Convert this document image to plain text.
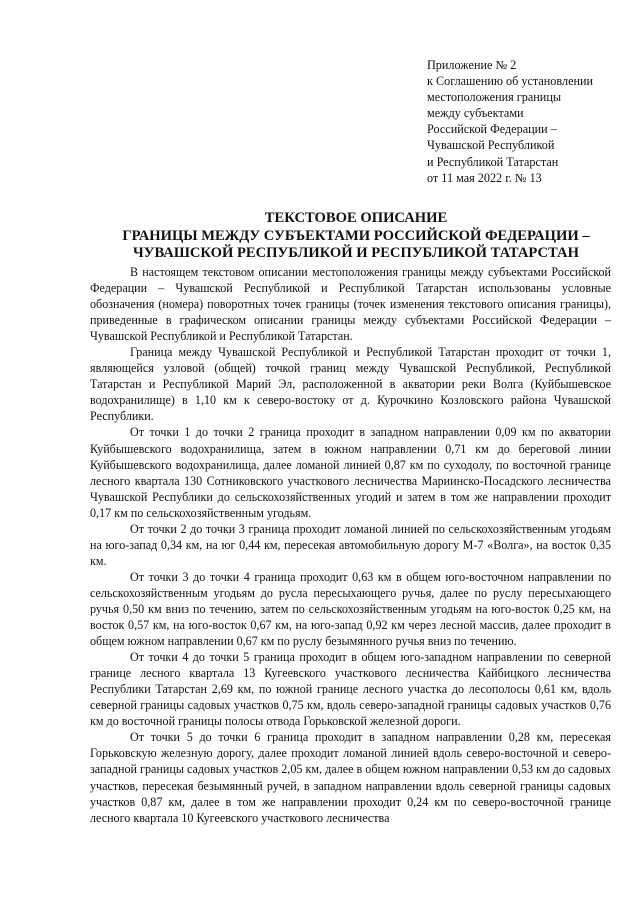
Приложение № 2
к Соглашению об установлении
местоположения границы
между субъектами
Российской Федерации –
Чувашской Республикой
и Республикой Татарстан
от 11 мая 2022 г. № 13
ТЕКСТОВОЕ ОПИСАНИЕ
ГРАНИЦЫ МЕЖДУ СУБЪЕКТАМИ РОССИЙСКОЙ ФЕДЕРАЦИИ –
ЧУВАШСКОЙ РЕСПУБЛИКОЙ И РЕСПУБЛИКОЙ ТАТАРСТАН

В настоящем текстовом описании местоположения границы между субъектами Российской Федерации – Чувашской Республикой и Республикой Татарстан использованы условные обозначения (номера) поворотных точек границы (точек изменения текстового описания границы), приведенные в графическом описании границы между субъектами Российской Федерации – Чувашской Республикой и Республикой Татарстан.

Граница между Чувашской Республикой и Республикой Татарстан проходит от точки 1, являющейся узловой (общей) точкой границ между Чувашской Республикой, Республикой Татарстан и Республикой Марий Эл, расположенной в акватории реки Волга (Куйбышевское водохранилище) в 1,10 км к северо-востоку от д. Курочкино Козловского района Чувашской Республики.

От точки 1 до точки 2 граница проходит в западном направлении 0,09 км по акватории Куйбышевского водохранилища, затем в южном направлении 0,71 км до береговой линии Куйбышевского водохранилища, далее ломаной линией 0,87 км по суходолу, по восточной границе лесного квартала 130 Сотниковского участкового лесничества Мариинско-Посадского лесничества Чувашской Республики до сельскохозяйственных угодий и затем в том же направлении проходит 0,17 км по сельскохозяйственным угодьям.

От точки 2 до точки 3 граница проходит ломаной линией по сельскохозяйственным угодьям на юго-запад 0,34 км, на юг 0,44 км, пересекая автомобильную дорогу М-7 «Волга», на восток 0,35 км.

От точки 3 до точки 4 граница проходит 0,63 км в общем юго-восточном направлении по сельскохозяйственным угодьям до русла пересыхающего ручья, далее по руслу пересыхающего ручья 0,50 км вниз по течению, затем по сельскохозяйственным угодьям на юго-восток 0,25 км, на восток 0,57 км, на юго-восток 0,67 км, на юго-запад 0,92 км через лесной массив, далее проходит в общем южном направлении 0,67 км по руслу безымянного ручья вниз по течению.

От точки 4 до точки 5 граница проходит в общем юго-западном направлении по северной границе лесного квартала 13 Кугеевского участкового лесничества Кайбицкого лесничества Республики Татарстан 2,69 км, по южной границе лесного участка до лесополосы 0,61 км, вдоль северной границы садовых участков 0,75 км, вдоль северо-западной границы садовых участков 0,76 км до восточной границы полосы отвода Горьковской железной дороги.

От точки 5 до точки 6 граница проходит в западном направлении 0,28 км, пересекая Горьковскую железную дорогу, далее проходит ломаной линией вдоль северо-восточной и северо-западной границы садовых участков 2,05 км, далее в общем южном направлении 0,53 км до садовых участков, пересекая безымянный ручей, в западном направлении вдоль северной границы садовых участков 0,87 км, далее в том же направлении проходит 0,24 км по северо-восточной границе лесного квартала 10 Кугеевского участкового лесничества
